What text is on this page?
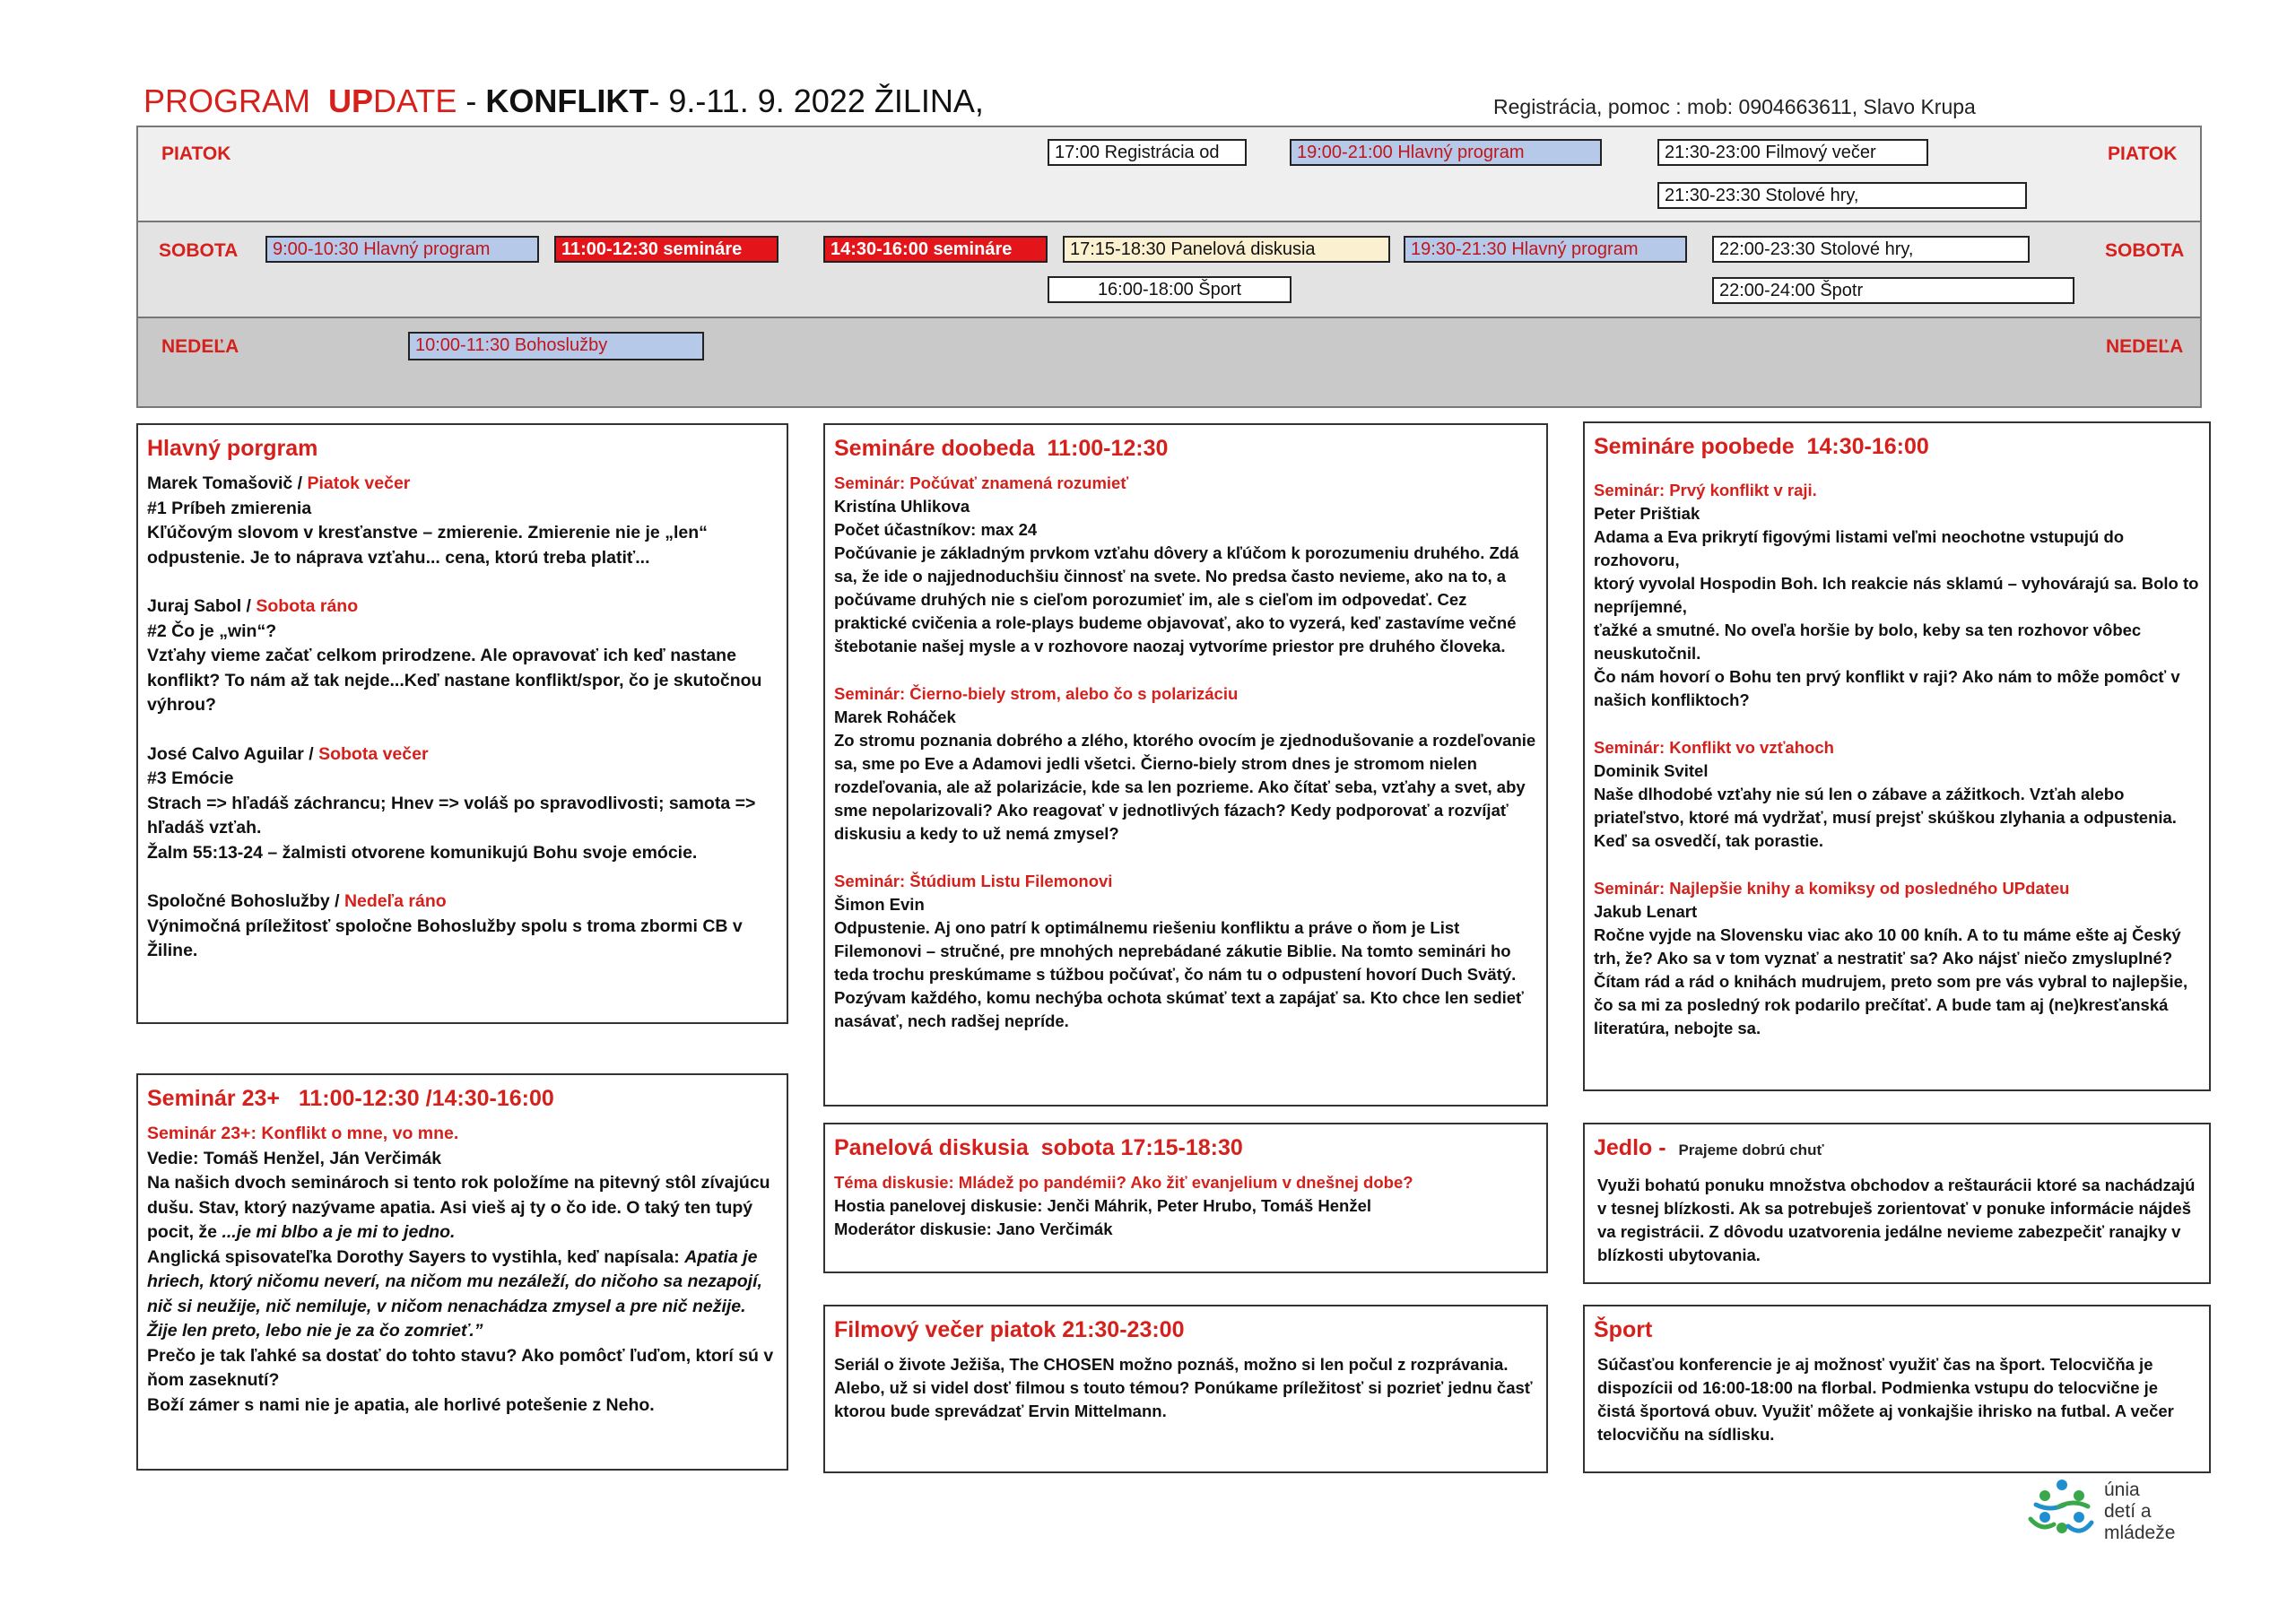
PROGRAM UPDATE - KONFLIKT- 9.-11. 9. 2022 ŽILINA,	Registrácia, pomoc : mob: 0904663611, Slavo Krupa
PIATOK	PIATOK
SOBOTA	SOBOTA
NEDEĽA	NEDEĽA
17:00 Registrácia od	19:00-21:00 Hlavný program	21:30-23:00 Filmový večer
21:30-23:30 Stolové hry,
9:00-10:30 Hlavný program	11:00-12:30 semináre	14:30-16:00 semináre	17:15-18:30 Panelová diskusia	19:30-21:30 Hlavný program	22:00-23:30 Stolové hry,
16:00-18:00 Šport	22:00-24:00 Špotr
10:00-11:30 Bohoslužby
Hlavný porgram
Marek Tomašovič / Piatok večer
#1 Príbeh zmierenia
Kľúčovým slovom v kresťanstve – zmierenie. Zmierenie nie je „len“ odpustenie. Je to náprava vzťahu... cena, ktorú treba platiť...
Juraj Sabol / Sobota ráno
#2 Čo je „win“?
Vzťahy vieme začať celkom prirodzene. Ale opravovať ich keď nastane konflikt? To nám až tak nejde...Keď nastane konflikt/spor, čo je skutočnou výhrou?
José Calvo Aguilar / Sobota večer
#3 Emócie
Strach => hľadáš záchrancu; Hnev => voláš po spravodlivosti; samota => hľadáš vzťah.
Žalm 55:13-24 – žalmisti otvorene komunikujú Bohu svoje emócie.
Spoločné Bohoslužby / Nedeľa ráno
Výnimočná príležitosť spoločne Bohoslužby spolu s troma zbormi CB v Žiline.
Seminár 23+   11:00-12:30 /14:30-16:00
Seminár 23+: Konflikt o mne, vo mne.
Vedie: Tomáš Henžel, Ján Verčimák
Na našich dvoch seminároch si tento rok položíme na pitevný stôl zívajúcu dušu. Stav, ktorý nazývame apatia. Asi vieš aj ty o čo ide. O taký ten tupý pocit, že ...je mi blbo a je mi to jedno.
Anglická spisovateľka Dorothy Sayers to vystihla, keď napísala: Apatia je hriech, ktorý ničomu neverí, na ničom mu nezáleží, do ničoho sa nezapojí, nič si neužije, nič nemiluje, v ničom nenachádza zmysel a pre nič nežije. Žije len preto, lebo nie je za čo zomrieť.”
Prečo je tak ľahké sa dostať do tohto stavu? Ako pomôcť ľuďom, ktorí sú v ňom zaseknutí?
Boží zámer s nami nie je apatia, ale horlivé potešenie z Neho.
Semináre doobeda  11:00-12:30
Seminár: Počúvať znamená rozumieť
Kristína Uhlikova
Počet účastníkov: max 24
Počúvanie je základným prvkom vzťahu dôvery a kľúčom k porozumeniu druhého. Zdá sa, že ide o najjednoduchšiu činnosť na svete. No predsa často nevieme, ako na to, a počúvame druhých nie s cieľom porozumieť im, ale s cieľom im odpovedať. Cez praktické cvičenia a role-plays budeme objavovať, ako to vyzerá, keď zastavíme večné štebotanie našej mysle a v rozhovore naozaj vytvoríme priestor pre druhého človeka.
Seminár: Čierno-biely strom, alebo čo s polarizáciu
Marek Roháček
Zo stromu poznania dobrého a zlého, ktorého ovocím je zjednodušovanie a rozdeľovanie sa, sme po Eve a Adamovi jedli všetci. Čierno-biely strom dnes je stromom nielen rozdeľovania, ale až polarizácie, kde sa len pozrieme. Ako čítať seba, vzťahy a svet, aby sme nepolarizovali? Ako reagovať v jednotlivých fázach? Kedy podporovať a rozvíjať diskusiu a kedy to už nemá zmysel?
Seminár: Štúdium Listu Filemonovi
Šimon Evin
Odpustenie. Aj ono patrí k optimálnemu riešeniu konfliktu a práve o ňom je List Filemonovi – stručné, pre mnohých neprebádané zákutie Biblie. Na tomto seminári ho teda trochu preskúmame s túžbou počúvať, čo nám tu o odpustení hovorí Duch Svätý. Pozývam každého, komu nechýba ochota skúmať text a zapájať sa. Kto chce len sedieť nasávať, nech radšej nepríde.
Panelová diskusia  sobota 17:15-18:30
Téma diskusie: Mládež po pandémii? Ako žiť evanjelium v dnešnej dobe?
Hostia panelovej diskusie: Jenči Máhrik, Peter Hrubo, Tomáš Henžel
Moderátor diskusie: Jano Verčimák
Filmový večer piatok 21:30-23:00
Seriál o živote Ježiša, The CHOSEN možno poznáš, možno si len počul z rozprávania. Alebo, už si videl dosť filmou s touto témou? Ponúkame príležitosť si pozrieť jednu časť ktorou bude sprevádzať Ervin Mittelmann.
Semináre poobede  14:30-16:00
Seminár: Prvý konflikt v raji.
Peter Prištiak
Adama a Eva prikrytí figovými listami veľmi neochotne vstupujú do rozhovoru,
ktorý vyvolal Hospodin Boh. Ich reakcie nás sklamú – vyhovárajú sa. Bolo to nepríjemné,
ťažké a smutné. No oveľa horšie by bolo, keby sa ten rozhovor vôbec neuskutočnil.
Čo nám hovorí o Bohu ten prvý konflikt v raji? Ako nám to môže pomôcť v našich konfliktoch?
Seminár: Konflikt vo vzťahoch
Dominik Svitel
Naše dlhodobé vzťahy nie sú len o zábave a zážitkoch. Vzťah alebo priateľstvo, ktoré má vydržať, musí prejsť skúškou zlyhania a odpustenia. Keď sa osvedčí, tak porastie.
Seminár: Najlepšie knihy a komiksy od posledného UPdateu
Jakub Lenart
Ročne vyjde na Slovensku viac ako 10 00 kníh. A to tu máme ešte aj Český trh, že? Ako sa v tom vyznať a nestratiť sa? Ako nájsť niečo zmysluplné? Čítam rád a rád o knihách mudrujem, preto som pre vás vybral to najlepšie, čo sa mi za posledný rok podarilo prečítať. A bude tam aj (ne)kresťanská literatúra, nebojte sa.
Jedlo -  Prajeme dobrú chuť
Využi bohatú ponuku množstva obchodov a reštaurácii ktoré sa nachádzajú v tesnej blízkosti. Ak sa potrebuješ zorientovať v ponuke informácie nájdeš va registrácii. Z dôvodu uzatvorenia jedálne nevieme zabezpečiť ranajky v blízkosti ubytovania.
Šport
Súčasťou konferencie je aj možnosť využiť čas na šport. Telocvičňa je dispozícii od 16:00-18:00 na florbal. Podmienka vstupu do telocvične je čistá športová obuv. Využiť môžete aj vonkajšie ihrisko na futbal. A večer telocvičňu na sídlisku.
únia
detí a
mládeže
